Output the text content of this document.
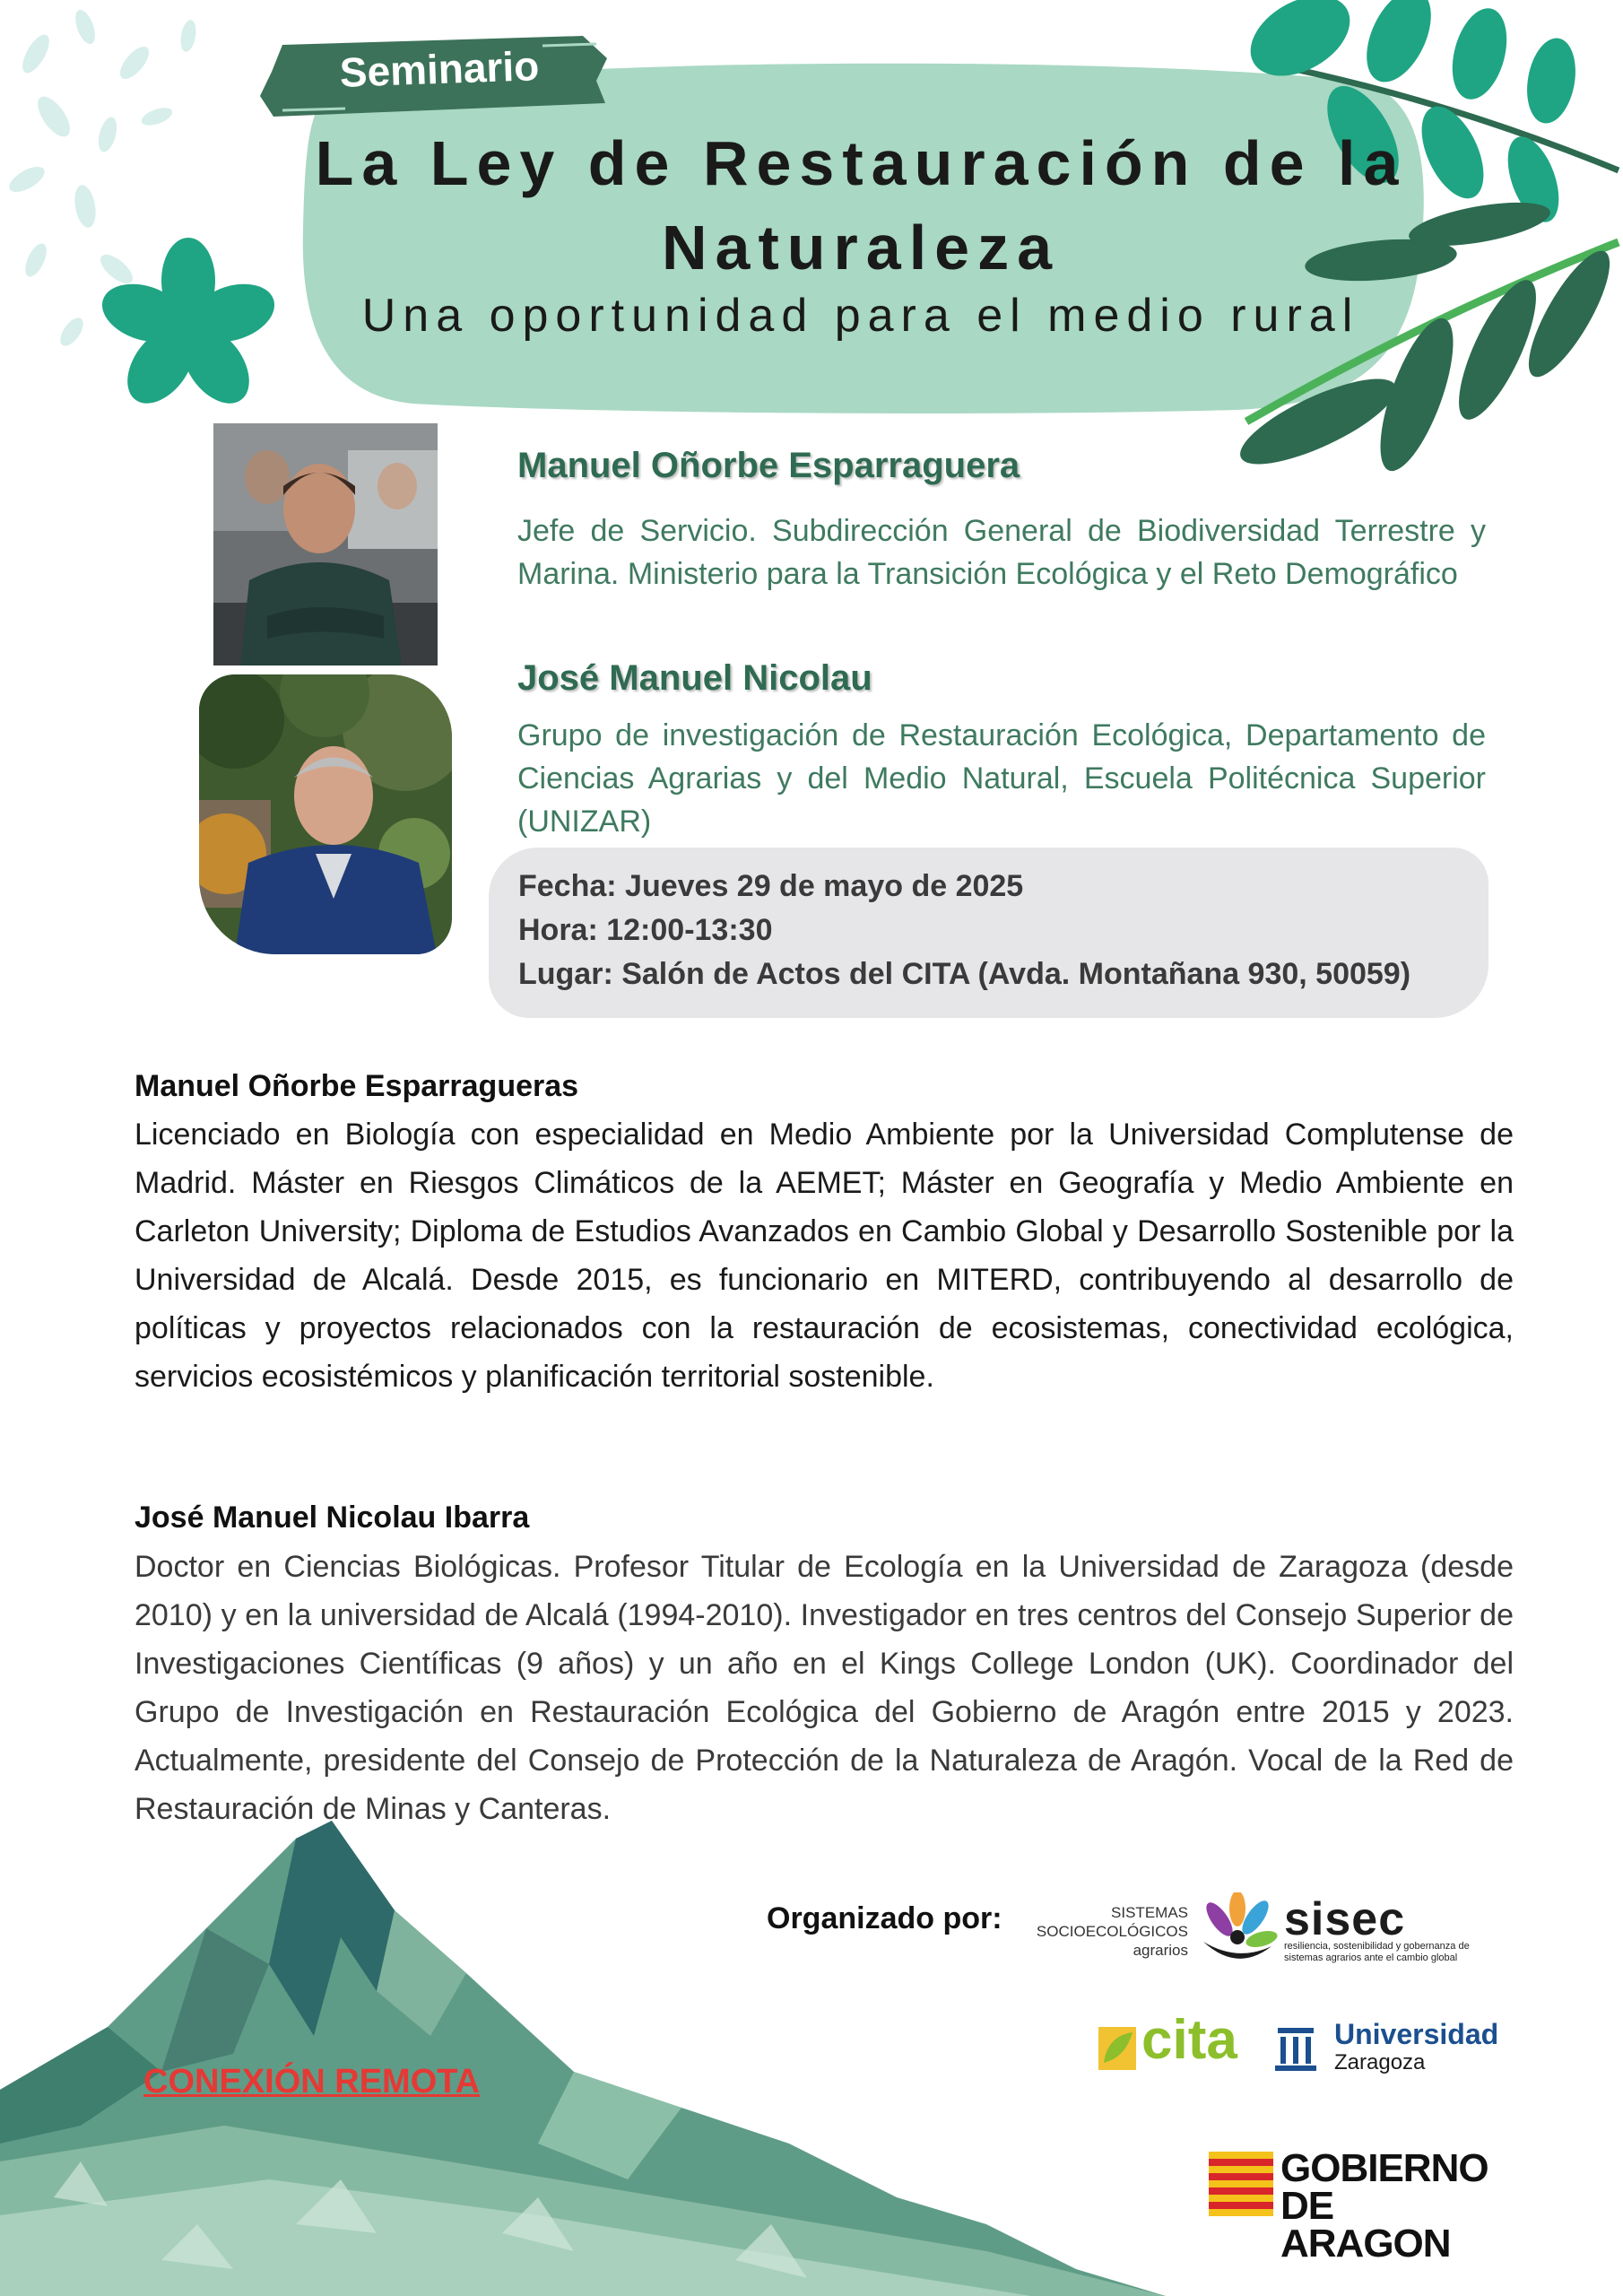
Seminario
La Ley de Restauración de la
Naturaleza
Una oportunidad para el medio rural
Manuel Oñorbe Esparraguera
Jefe de Servicio. Subdirección General de Biodiversidad Terrestre y Marina. Ministerio para la Transición Ecológica y el Reto Demográfico
José Manuel Nicolau
Grupo de investigación de Restauración Ecológica, Departamento de Ciencias Agrarias y del Medio Natural, Escuela Politécnica Superior (UNIZAR)
Fecha: Jueves 29 de mayo de 2025
Hora: 12:00-13:30
Lugar: Salón de Actos del CITA (Avda. Montañana 930, 50059)
Manuel Oñorbe Esparragueras
Licenciado en Biología con especialidad en Medio Ambiente por la Universidad Complutense de Madrid. Máster en Riesgos Climáticos de la AEMET; Máster en Geografía y Medio Ambiente en Carleton University; Diploma de Estudios Avanzados en Cambio Global y Desarrollo Sostenible por la Universidad de Alcalá. Desde 2015, es funcionario en MITERD, contribuyendo al desarrollo de políticas y proyectos relacionados con la restauración de ecosistemas, conectividad ecológica, servicios ecosistémicos y planificación territorial sostenible.
José Manuel Nicolau Ibarra
Doctor en Ciencias Biológicas. Profesor Titular de Ecología en la Universidad de Zaragoza (desde 2010) y en la universidad de Alcalá (1994-2010). Investigador en tres centros del Consejo Superior de Investigaciones Científicas (9 años) y un año en el Kings College London (UK). Coordinador del Grupo de Investigación en Restauración Ecológica del Gobierno de Aragón entre 2015 y 2023. Actualmente, presidente del Consejo de Protección de la Naturaleza de Aragón. Vocal de la Red de Restauración de Minas y Canteras.
Organizado por:	SISTEMAS
SOCIOECOLÓGICOS
agrarios
sisec
resiliencia, sostenibilidad y gobernanza de
sistemas agrarios ante el cambio global
cita	Universidad
Zaragoza
GOBIERNO
DE ARAGON
CONEXIÓN REMOTA
